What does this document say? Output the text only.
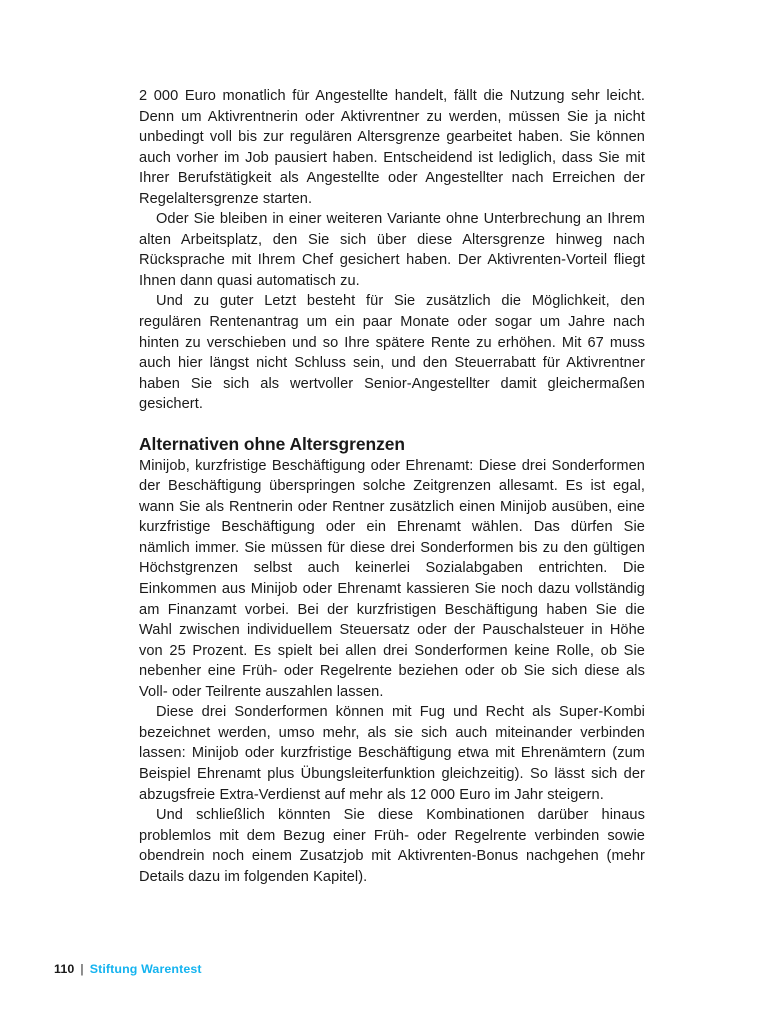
2 000 Euro monatlich für Angestellte handelt, fällt die Nutzung sehr leicht. Denn um Aktivrentnerin oder Aktivrentner zu werden, müssen Sie ja nicht unbedingt voll bis zur regulären Altersgrenze gearbeitet haben. Sie können auch vorher im Job pausiert haben. Entscheidend ist lediglich, dass Sie mit Ihrer Berufstätigkeit als Angestellte oder Angestellter nach Erreichen der Regelaltersgrenze starten.

Oder Sie bleiben in einer weiteren Variante ohne Unterbrechung an Ihrem alten Arbeitsplatz, den Sie sich über diese Altersgrenze hinweg nach Rücksprache mit Ihrem Chef gesichert haben. Der Aktivrenten-Vorteil fliegt Ihnen dann quasi automatisch zu.

Und zu guter Letzt besteht für Sie zusätzlich die Möglichkeit, den regulären Rentenantrag um ein paar Monate oder sogar um Jahre nach hinten zu verschieben und so Ihre spätere Rente zu erhöhen. Mit 67 muss auch hier längst nicht Schluss sein, und den Steuerrabatt für Aktivrentner haben Sie sich als wertvoller Senior-Angestellter damit gleichermaßen gesichert.

Alternativen ohne Altersgrenzen

Minijob, kurzfristige Beschäftigung oder Ehrenamt: Diese drei Sonderformen der Beschäftigung überspringen solche Zeitgrenzen allesamt. Es ist egal, wann Sie als Rentnerin oder Rentner zusätzlich einen Minijob ausüben, eine kurzfristige Beschäftigung oder ein Ehrenamt wählen. Das dürfen Sie nämlich immer. Sie müssen für diese drei Sonderformen bis zu den gültigen Höchstgrenzen selbst auch keinerlei Sozialabgaben entrichten. Die Einkommen aus Minijob oder Ehrenamt kassieren Sie noch dazu vollständig am Finanzamt vorbei. Bei der kurzfristigen Beschäftigung haben Sie die Wahl zwischen individuellem Steuersatz oder der Pauschalsteuer in Höhe von 25 Prozent. Es spielt bei allen drei Sonderformen keine Rolle, ob Sie nebenher eine Früh- oder Regelrente beziehen oder ob Sie sich diese als Voll- oder Teilrente auszahlen lassen.

Diese drei Sonderformen können mit Fug und Recht als Super-Kombi bezeichnet werden, umso mehr, als sie sich auch miteinander verbinden lassen: Minijob oder kurzfristige Beschäftigung etwa mit Ehrenämtern (zum Beispiel Ehrenamt plus Übungsleiterfunktion gleichzeitig). So lässt sich der abzugsfreie Extra-Verdienst auf mehr als 12 000 Euro im Jahr steigern.

Und schließlich könnten Sie diese Kombinationen darüber hinaus problemlos mit dem Bezug einer Früh- oder Regelrente verbinden sowie obendrein noch einem Zusatzjob mit Aktivrenten-Bonus nachgehen (mehr Details dazu im folgenden Kapitel).

110 | Stiftung Warentest
